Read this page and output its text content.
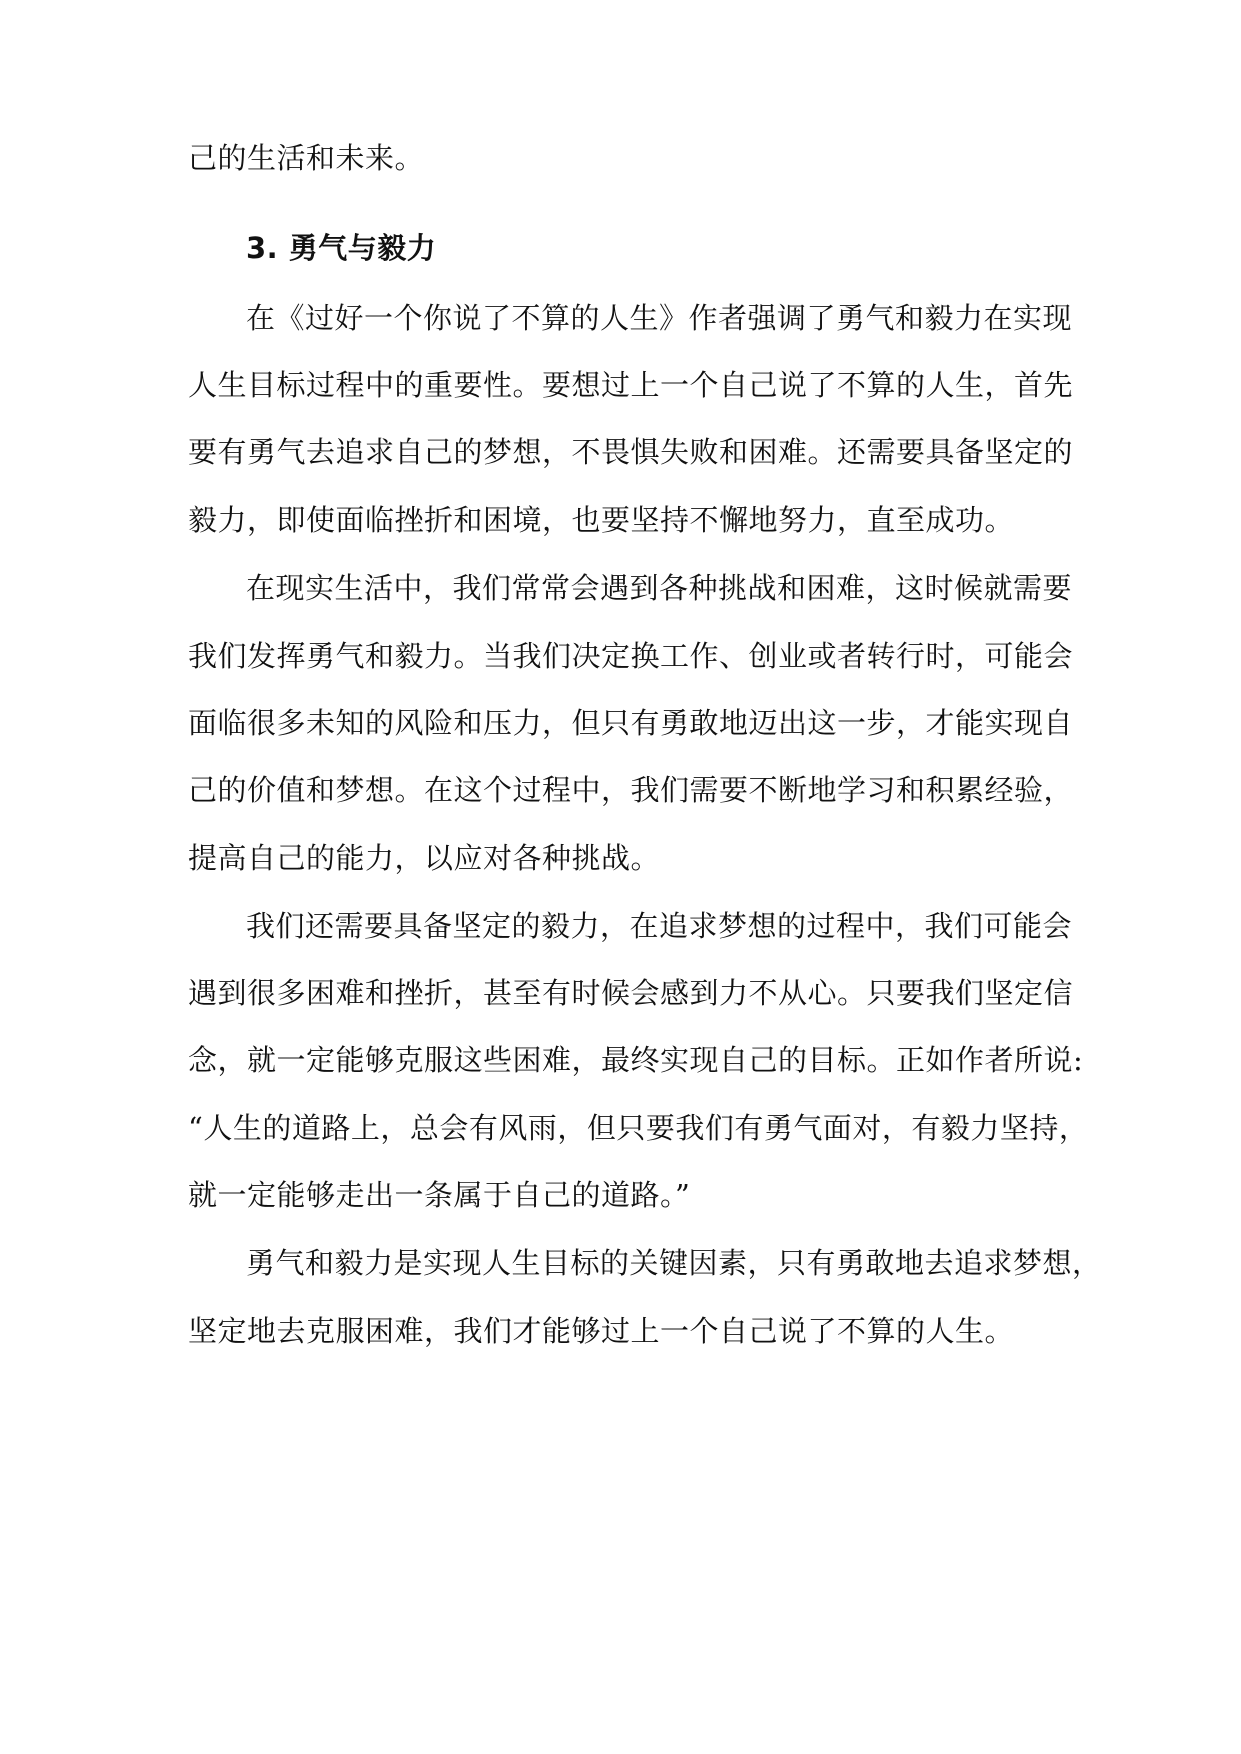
己的生活和未来。
3. 勇气与毅力
在《过好一个你说了不算的人生》作者强调了勇气和毅力在实现
人生目标过程中的重要性。要想过上一个自己说了不算的人生，首先
要有勇气去追求自己的梦想，不畏惧失败和困难。还需要具备坚定的
毅力，即使面临挫折和困境，也要坚持不懈地努力，直至成功。
在现实生活中，我们常常会遇到各种挑战和困难，这时候就需要
我们发挥勇气和毅力。当我们决定换工作、创业或者转行时，可能会
面临很多未知的风险和压力，但只有勇敢地迈出这一步，才能实现自
己的价值和梦想。在这个过程中，我们需要不断地学习和积累经验，
提高自己的能力，以应对各种挑战。
我们还需要具备坚定的毅力，在追求梦想的过程中，我们可能会
遇到很多困难和挫折，甚至有时候会感到力不从心。只要我们坚定信
念，就一定能够克服这些困难，最终实现自己的目标。正如作者所说:
“人生的道路上，总会有风雨，但只要我们有勇气面对，有毅力坚持，
就一定能够走出一条属于自己的道路。”
勇气和毅力是实现人生目标的关键因素，只有勇敢地去追求梦想，
坚定地去克服困难，我们才能够过上一个自己说了不算的人生。
